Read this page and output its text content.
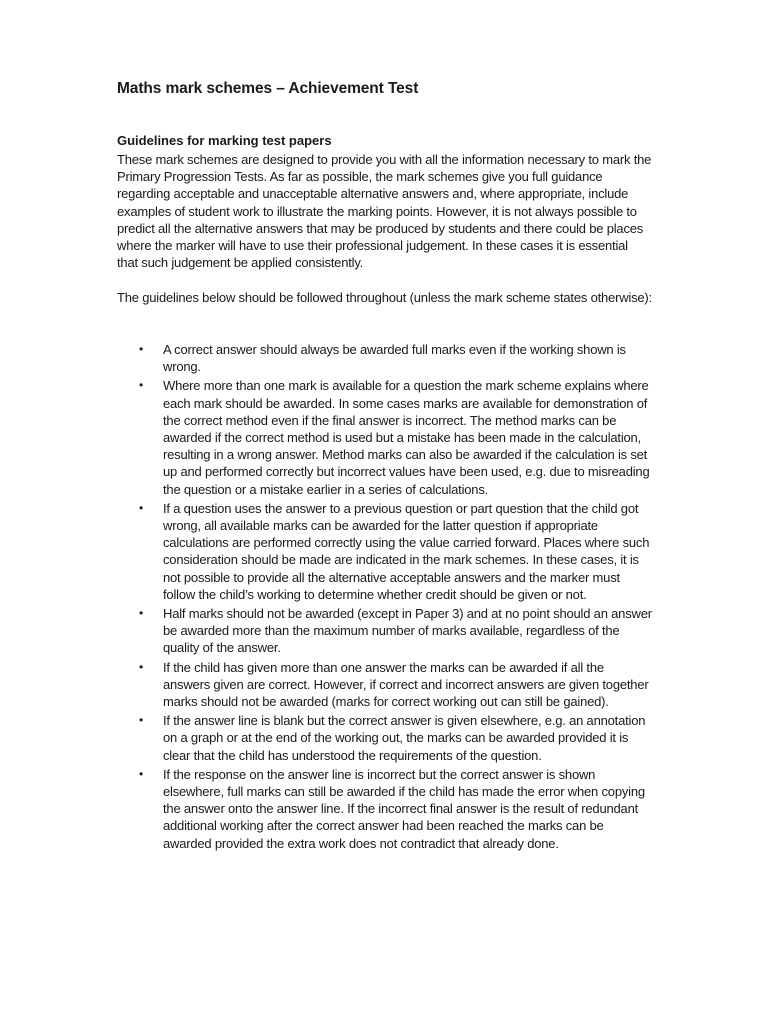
Maths mark schemes – Achievement Test
Guidelines for marking test papers

These mark schemes are designed to provide you with all the information necessary to mark the Primary Progression Tests. As far as possible, the mark schemes give you full guidance regarding acceptable and unacceptable alternative answers and, where appropriate, include examples of student work to illustrate the marking points. However, it is not always possible to predict all the alternative answers that may be produced by students and there could be places where the marker will have to use their professional judgement. In these cases it is essential that such judgement be applied consistently.

The guidelines below should be followed throughout (unless the mark scheme states otherwise):

• A correct answer should always be awarded full marks even if the working shown is wrong.
• Where more than one mark is available for a question the mark scheme explains where each mark should be awarded. In some cases marks are available for demonstration of the correct method even if the final answer is incorrect. The method marks can be awarded if the correct method is used but a mistake has been made in the calculation, resulting in a wrong answer. Method marks can also be awarded if the calculation is set up and performed correctly but incorrect values have been used, e.g. due to misreading the question or a mistake earlier in a series of calculations.
• If a question uses the answer to a previous question or part question that the child got wrong, all available marks can be awarded for the latter question if appropriate calculations are performed correctly using the value carried forward. Places where such consideration should be made are indicated in the mark schemes. In these cases, it is not possible to provide all the alternative acceptable answers and the marker must follow the child’s working to determine whether credit should be given or not.
• Half marks should not be awarded (except in Paper 3) and at no point should an answer be awarded more than the maximum number of marks available, regardless of the quality of the answer.
• If the child has given more than one answer the marks can be awarded if all the answers given are correct. However, if correct and incorrect answers are given together marks should not be awarded (marks for correct working out can still be gained).
• If the answer line is blank but the correct answer is given elsewhere, e.g. an annotation on a graph or at the end of the working out, the marks can be awarded provided it is clear that the child has understood the requirements of the question.
• If the response on the answer line is incorrect but the correct answer is shown elsewhere, full marks can still be awarded if the child has made the error when copying the answer onto the answer line. If the incorrect final answer is the result of redundant additional working after the correct answer had been reached the marks can be awarded provided the extra work does not contradict that already done.
